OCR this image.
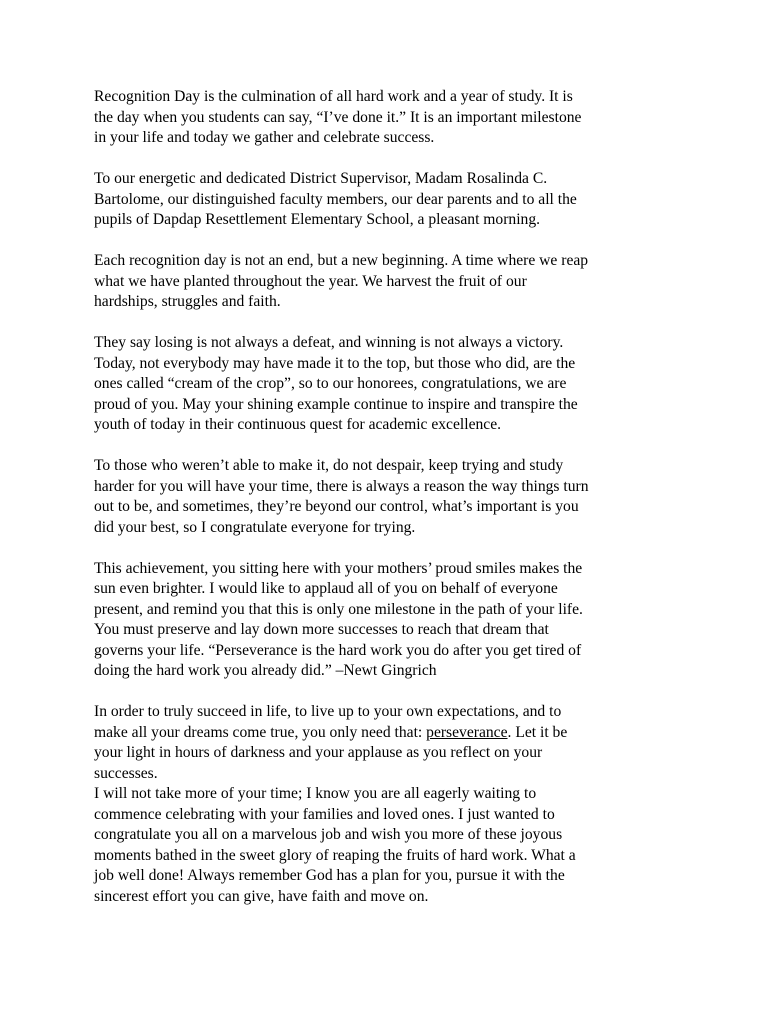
Recognition Day is the culmination of all hard work and a year of study. It is
the day when you students can say, “I’ve done it.” It is an important milestone
in your life and today we gather and celebrate success.

To our energetic and dedicated District Supervisor, Madam Rosalinda C.
Bartolome, our distinguished faculty members, our dear parents and to all the
pupils of Dapdap Resettlement Elementary School, a pleasant morning.

Each recognition day is not an end, but a new beginning. A time where we reap
what we have planted throughout the year. We harvest the fruit of our
hardships, struggles and faith.

They say losing is not always a defeat, and winning is not always a victory.
Today, not everybody may have made it to the top, but those who did, are the
ones called “cream of the crop”, so to our honorees, congratulations, we are
proud of you. May your shining example continue to inspire and transpire the
youth of today in their continuous quest for academic excellence.

To those who weren’t able to make it, do not despair, keep trying and study
harder for you will have your time, there is always a reason the way things turn
out to be, and sometimes, they’re beyond our control, what’s important is you
did your best, so I congratulate everyone for trying.

This achievement, you sitting here with your mothers’ proud smiles makes the
sun even brighter. I would like to applaud all of you on behalf of everyone
present, and remind you that this is only one milestone in the path of your life.
You must preserve and lay down more successes to reach that dream that
governs your life. “Perseverance is the hard work you do after you get tired of
doing the hard work you already did.” –Newt Gingrich

In order to truly succeed in life, to live up to your own expectations, and to
make all your dreams come true, you only need that: perseverance. Let it be
your light in hours of darkness and your applause as you reflect on your
successes.

I will not take more of your time; I know you are all eagerly waiting to
commence celebrating with your families and loved ones. I just wanted to
congratulate you all on a marvelous job and wish you more of these joyous
moments bathed in the sweet glory of reaping the fruits of hard work. What a
job well done! Always remember God has a plan for you, pursue it with the
sincerest effort you can give, have faith and move on.
